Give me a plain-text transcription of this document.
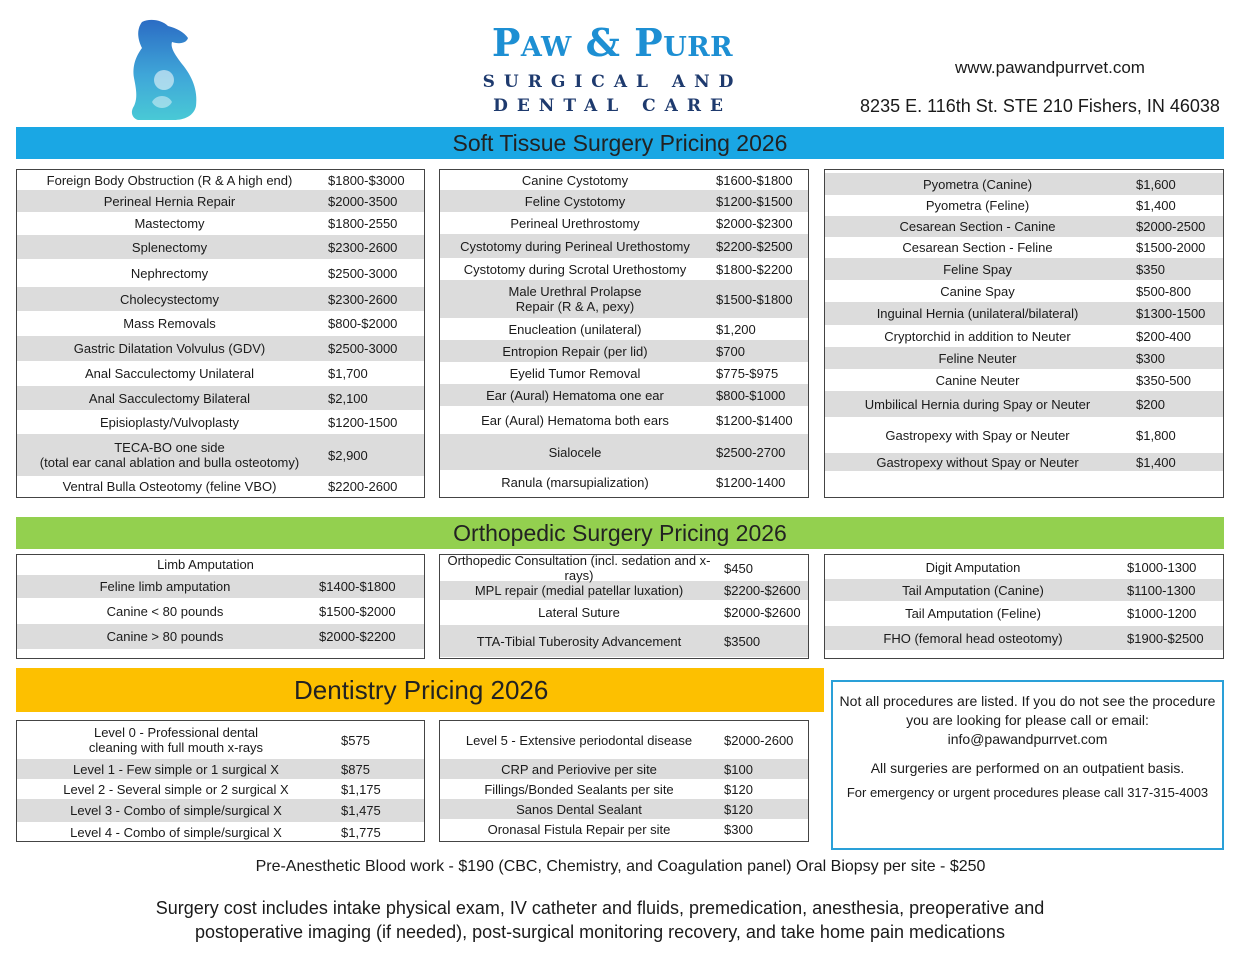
Paw & Purr
SURGICAL AND DENTAL CARE
www.pawandpurrvet.com
8235 E. 116th St. STE 210 Fishers, IN 46038
Soft Tissue Surgery Pricing 2026
Foreign Body Obstruction (R & A high end)	$1800-$3000
Perineal Hernia Repair	$2000-3500
Mastectomy	$1800-2550
Splenectomy	$2300-2600
Nephrectomy	$2500-3000
Cholecystectomy	$2300-2600
Mass Removals	$800-$2000
Gastric Dilatation Volvulus (GDV)	$2500-3000
Anal Sacculectomy Unilateral	$1,700
Anal Sacculectomy Bilateral	$2,100
Episioplasty/Vulvoplasty	$1200-1500
TECA-BO one side
(total ear canal ablation and bulla osteotomy)	$2,900
Ventral Bulla Osteotomy (feline VBO)	$2200-2600
Canine Cystotomy	$1600-$1800
Feline Cystotomy	$1200-$1500
Perineal Urethrostomy	$2000-$2300
Cystotomy during Perineal Urethostomy	$2200-$2500
Cystotomy during Scrotal Urethostomy	$1800-$2200
Male Urethral Prolapse
Repair (R & A, pexy)	$1500-$1800
Enucleation (unilateral)	$1,200
Entropion Repair (per lid)	$700
Eyelid Tumor Removal	$775-$975
Ear (Aural) Hematoma one ear	$800-$1000
Ear (Aural) Hematoma both ears	$1200-$1400
Sialocele	$2500-2700
Ranula (marsupialization)	$1200-1400
Pyometra (Canine)	$1,600
Pyometra (Feline)	$1,400
Cesarean Section - Canine	$2000-2500
Cesarean Section - Feline	$1500-2000
Feline Spay	$350
Canine Spay	$500-800
Inguinal Hernia (unilateral/bilateral)	$1300-1500
Cryptorchid in addition to Neuter	$200-400
Feline Neuter	$300
Canine Neuter	$350-500
Umbilical Hernia during Spay or Neuter	$200
Gastropexy with Spay or Neuter	$1,800
Gastropexy without Spay or Neuter	$1,400
Orthopedic Surgery Pricing 2026
Limb Amputation
Feline limb amputation	$1400-$1800
Canine < 80 pounds	$1500-$2000
Canine > 80 pounds	$2000-$2200
Orthopedic Consultation (incl. sedation and x-rays)	$450
MPL repair (medial patellar luxation)	$2200-$2600
Lateral Suture	$2000-$2600
TTA-Tibial Tuberosity Advancement	$3500
Digit Amputation	$1000-1300
Tail Amputation (Canine)	$1100-1300
Tail Amputation (Feline)	$1000-1200
FHO (femoral head osteotomy)	$1900-$2500
Dentistry Pricing 2026
Level 0 - Professional dental
cleaning with full mouth x-rays	$575
Level 1 - Few simple or 1 surgical X	$875
Level 2 - Several simple or 2 surgical X	$1,175
Level 3 - Combo of simple/surgical X	$1,475
Level 4 - Combo of simple/surgical X	$1,775
Level 5 - Extensive periodontal disease	$2000-2600
CRP and Periovive per site	$100
Fillings/Bonded Sealants per site	$120
Sanos Dental Sealant	$120
Oronasal Fistula Repair per site	$300

Not all procedures are listed. If you do not see the procedure you are looking for please call or email:

info@pawandpurrvet.com

All surgeries are performed on an outpatient basis.

For emergency or urgent procedures please call 317-315-4003

Pre-Anesthetic Blood work - $190 (CBC, Chemistry, and Coagulation panel) Oral Biopsy per site - $250
Surgery cost includes intake physical exam, IV catheter and fluids, premedication, anesthesia, preoperative and postoperative imaging (if needed), post-surgical monitoring recovery, and take home pain medications
